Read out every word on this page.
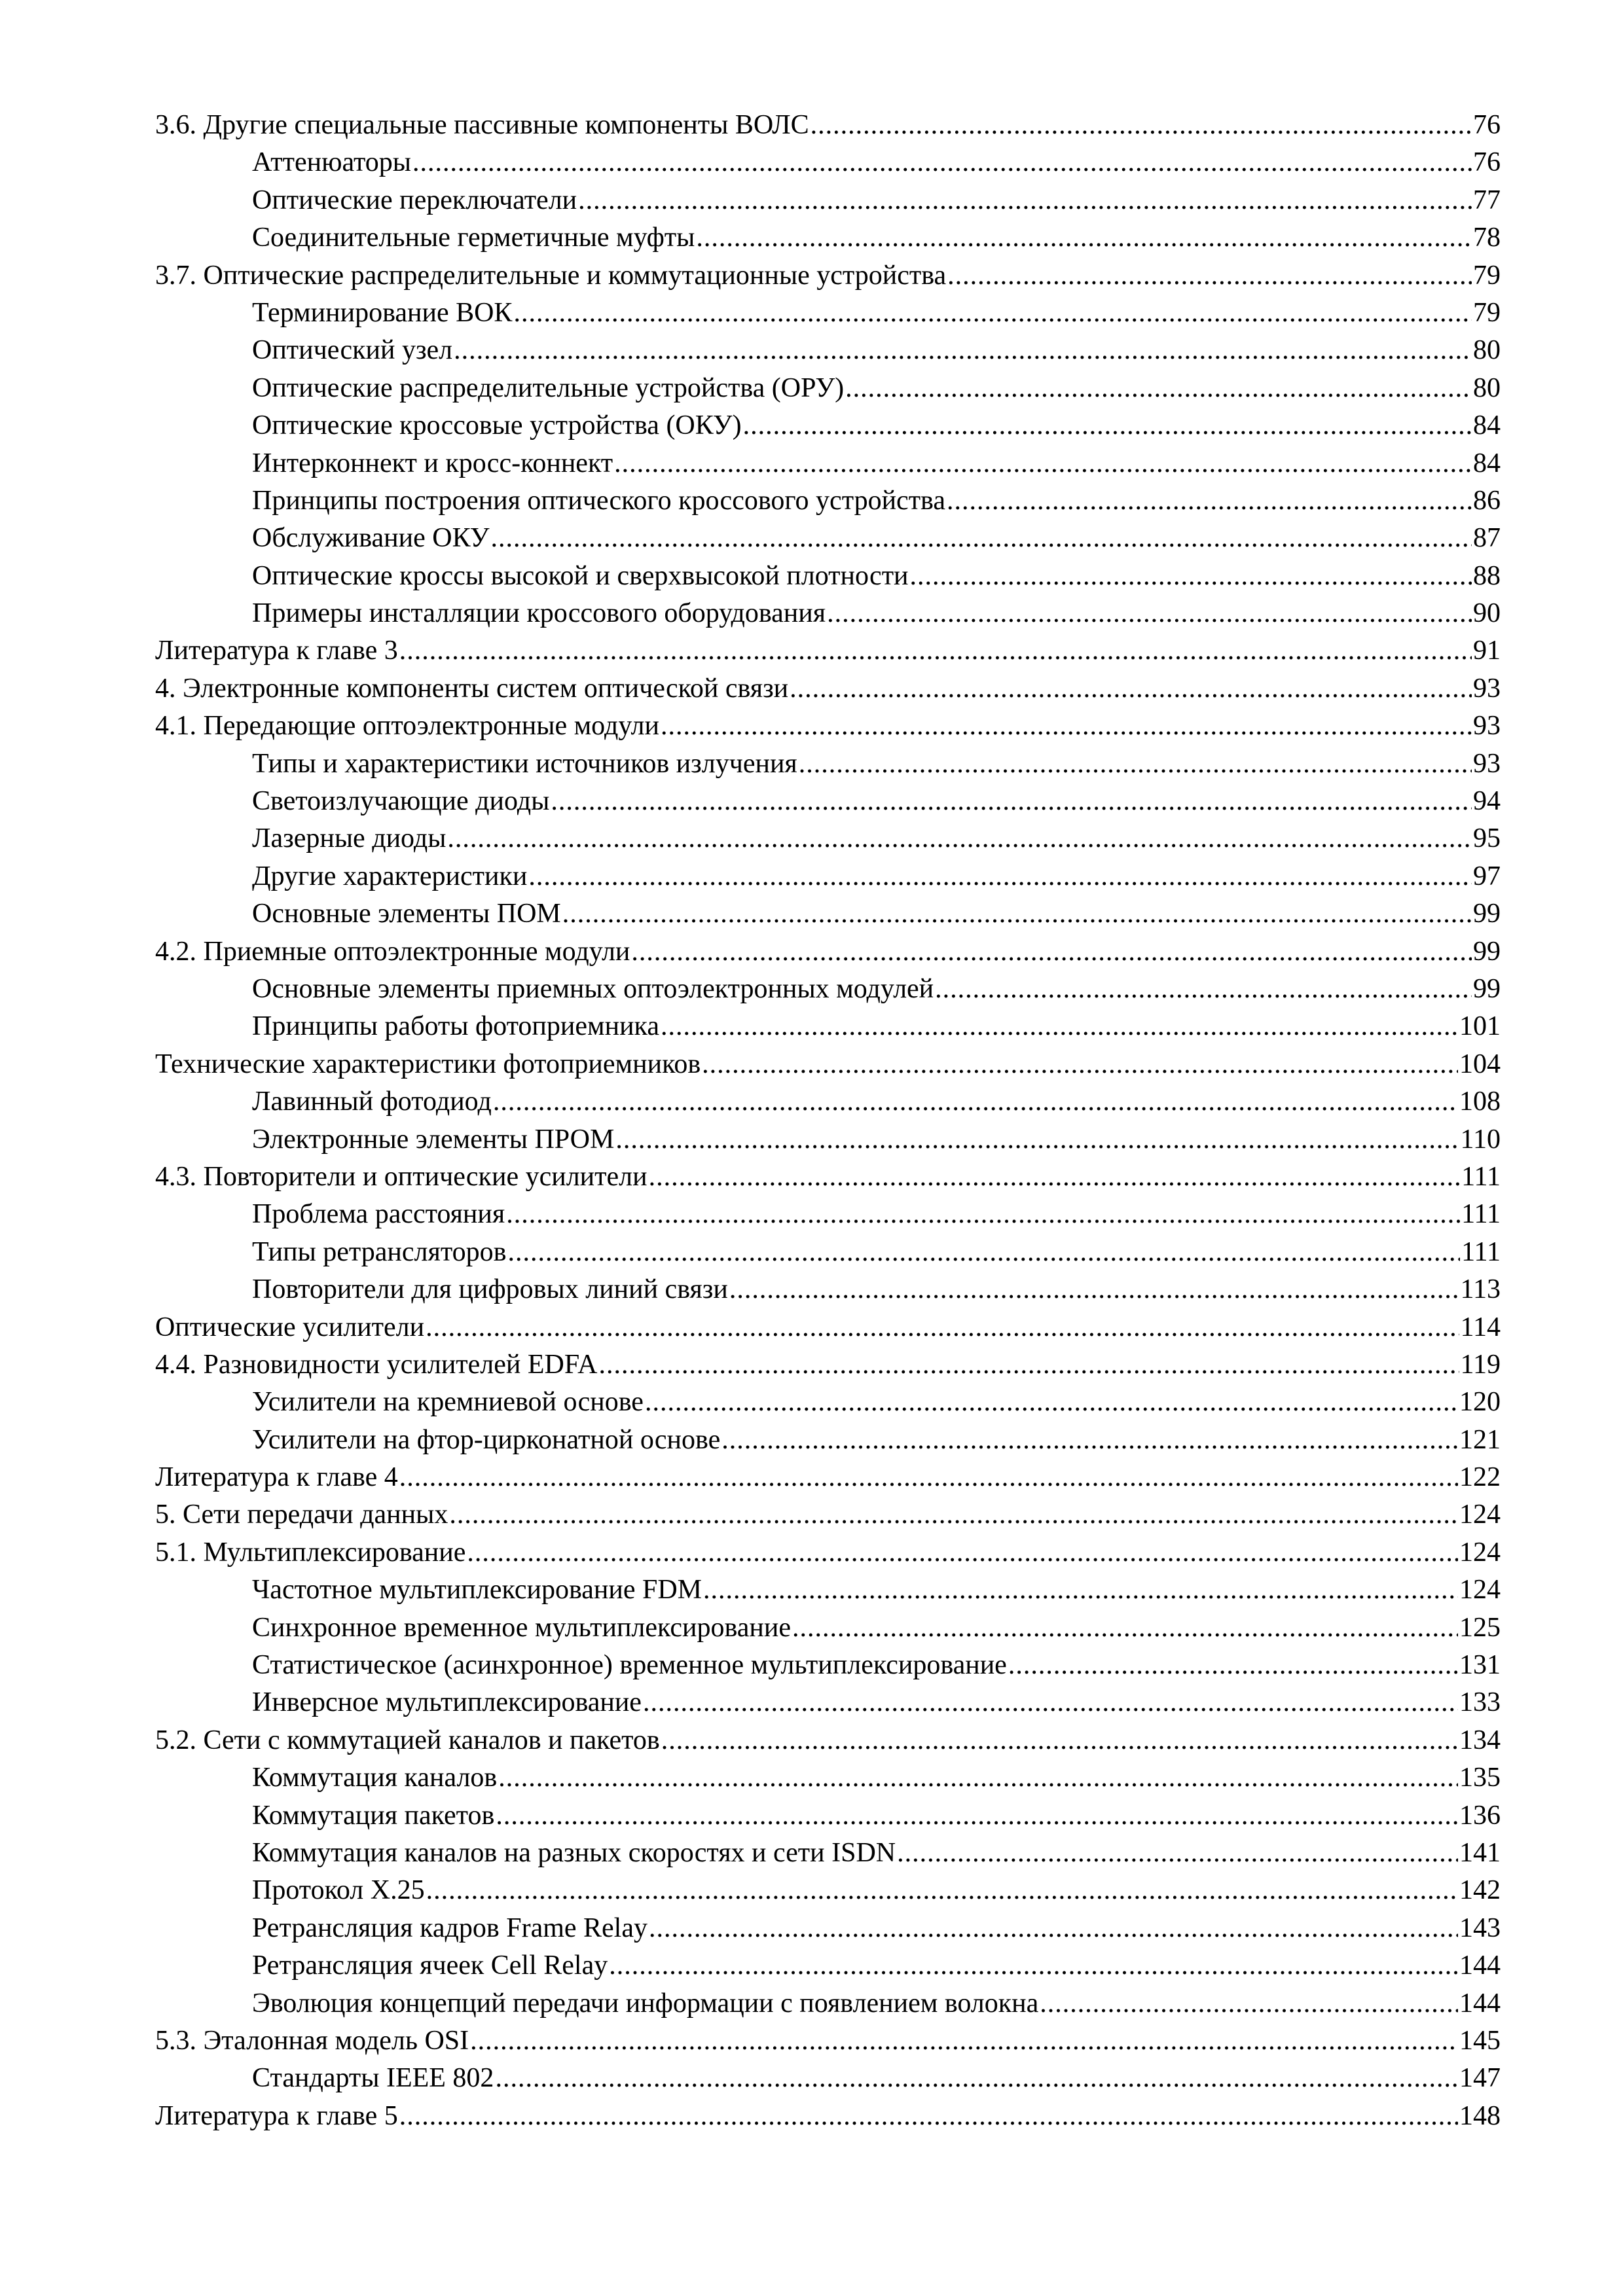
3.6. Другие специальные пассивные компоненты ВОЛС .....	76
Аттенюаторы .....	76
Оптические переключатели .....	77
Соединительные герметичные муфты .....	78
3.7. Оптические распределительные и коммутационные устройства .....	79
Терминирование ВОК .....	79
Оптический узел .....	80
Оптические распределительные устройства (ОРУ) .....	80
Оптические кроссовые устройства (ОКУ) .....	84
Интерконнект и кросс-коннект .....	84
Принципы построения оптического кроссового устройства .....	86
Обслуживание ОКУ .....	87
Оптические кроссы высокой и сверхвысокой плотности .....	88
Примеры инсталляции кроссового оборудования .....	90
Литература к главе 3 .....	91
4. Электронные компоненты систем оптической связи .....	93
4.1. Передающие оптоэлектронные модули .....	93
Типы и характеристики источников излучения .....	93
Светоизлучающие диоды .....	94
Лазерные диоды .....	95
Другие характеристики .....	97
Основные элементы ПОМ .....	99
4.2. Приемные оптоэлектронные модули .....	99
Основные элементы приемных оптоэлектронных модулей .....	99
Принципы работы фотоприемника .....	101
Технические характеристики фотоприемников .....	104
Лавинный фотодиод .....	108
Электронные элементы ПРОМ .....	110
4.3. Повторители и оптические усилители .....	111
Проблема расстояния .....	111
Типы ретрансляторов .....	111
Повторители для цифровых линий связи .....	113
Оптические усилители .....	114
4.4. Разновидности усилителей EDFA .....	119
Усилители на кремниевой основе .....	120
Усилители на фтор-цирконатной основе .....	121
Литература к главе 4 .....	122
5. Сети передачи данных .....	124
5.1. Мультиплексирование .....	124
Частотное мультиплексирование FDM .....	124
Синхронное временное мультиплексирование .....	125
Статистическое (асинхронное) временное мультиплексирование .....	131
Инверсное мультиплексирование .....	133
5.2. Сети с коммутацией каналов и пакетов .....	134
Коммутация каналов .....	135
Коммутация пакетов .....	136
Коммутация каналов на разных скоростях и сети ISDN .....	141
Протокол X.25 .....	142
Ретрансляция кадров Frame Relay .....	143
Ретрансляция ячеек Cell Relay .....	144
Эволюция концепций передачи информации с появлением волокна .....	144
5.3. Эталонная модель OSI .....	145
Стандарты IEEE 802 .....	147
Литература к главе 5 .....	148
